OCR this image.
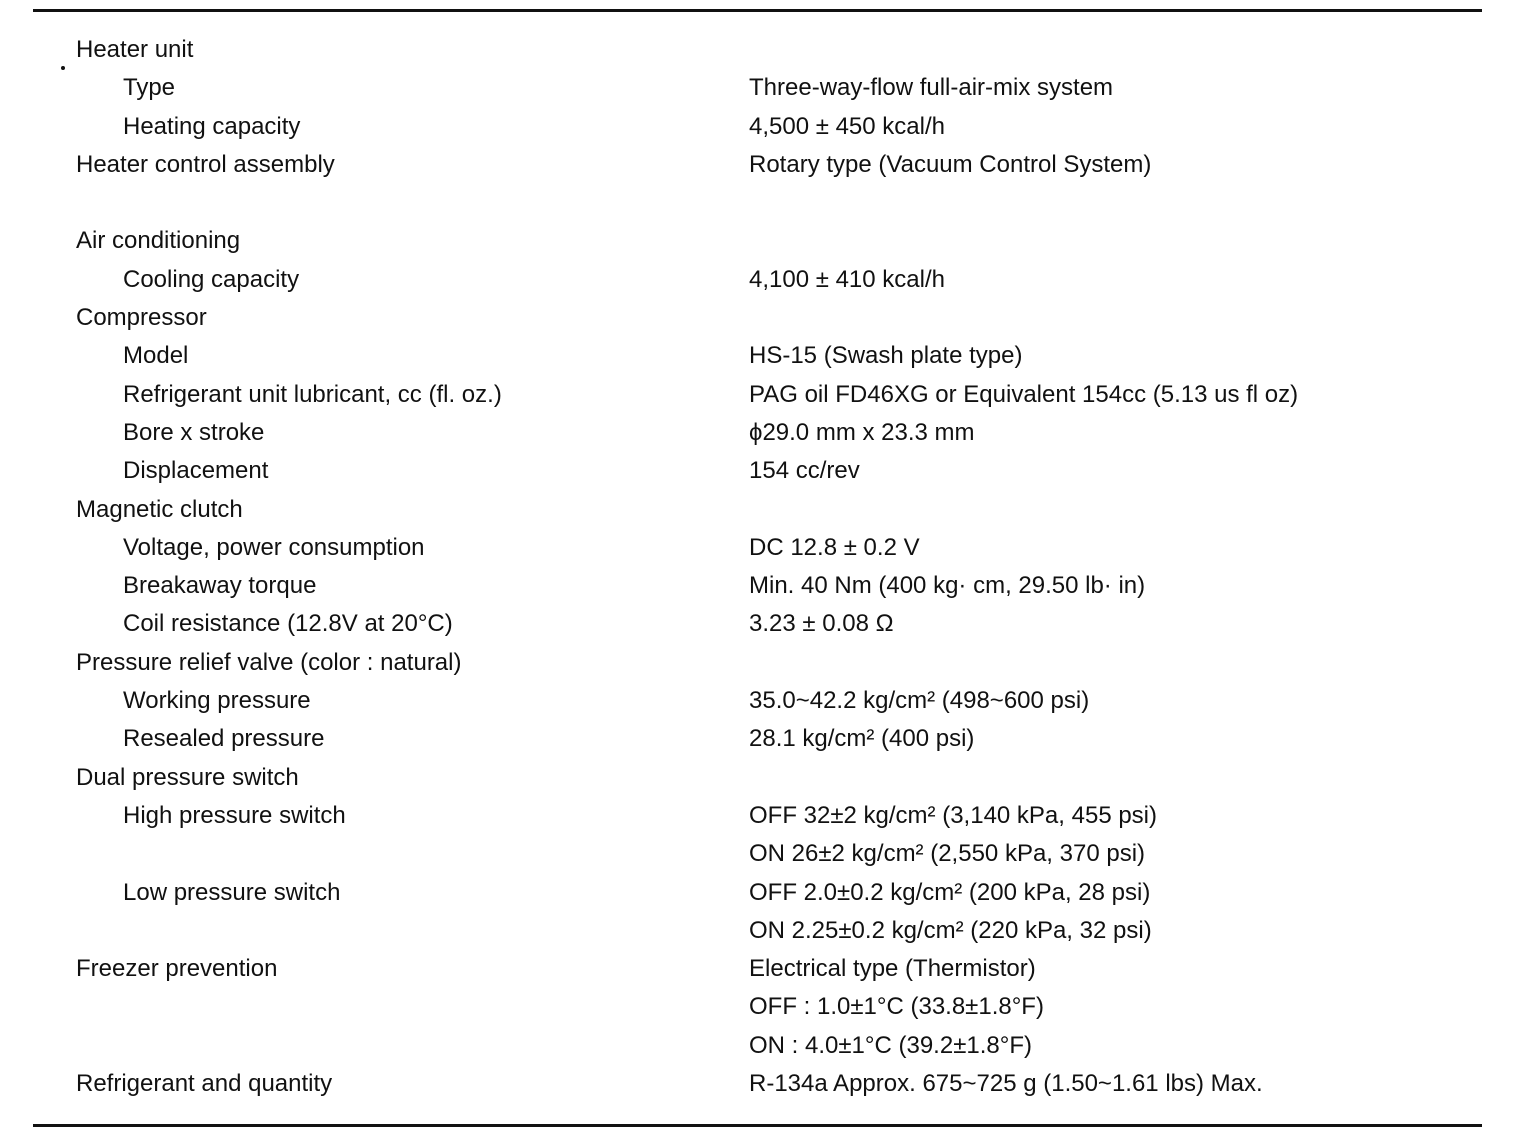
Heater unit
Type	Three-way-flow full-air-mix system
Heating capacity	4,500 ± 450 kcal/h
Heater control assembly	Rotary type (Vacuum Control System)
Air conditioning
Cooling capacity	4,100 ± 410 kcal/h
Compressor
Model	HS-15 (Swash plate type)
Refrigerant unit lubricant, cc (fl. oz.)	PAG oil FD46XG or Equivalent 154cc (5.13 us fl oz)
Bore x stroke	ϕ29.0 mm x 23.3 mm
Displacement	154 cc/rev
Magnetic clutch
Voltage, power consumption	DC 12.8 ± 0.2 V
Breakaway torque	Min. 40 Nm (400 kg· cm, 29.50 lb· in)
Coil resistance (12.8V at 20°C)	3.23 ± 0.08 Ω
Pressure relief valve (color : natural)
Working pressure	35.0~42.2 kg/cm² (498~600 psi)
Resealed pressure	28.1 kg/cm² (400 psi)
Dual pressure switch
High pressure switch	OFF 32±2 kg/cm² (3,140 kPa, 455 psi)
ON 26±2 kg/cm² (2,550 kPa, 370 psi)
Low pressure switch	OFF 2.0±0.2 kg/cm² (200 kPa, 28 psi)
ON 2.25±0.2 kg/cm² (220 kPa, 32 psi)
Freezer prevention	Electrical type (Thermistor)
OFF : 1.0±1°C (33.8±1.8°F)
ON : 4.0±1°C (39.2±1.8°F)
Refrigerant and quantity	R-134a Approx. 675~725 g (1.50~1.61 lbs) Max.
